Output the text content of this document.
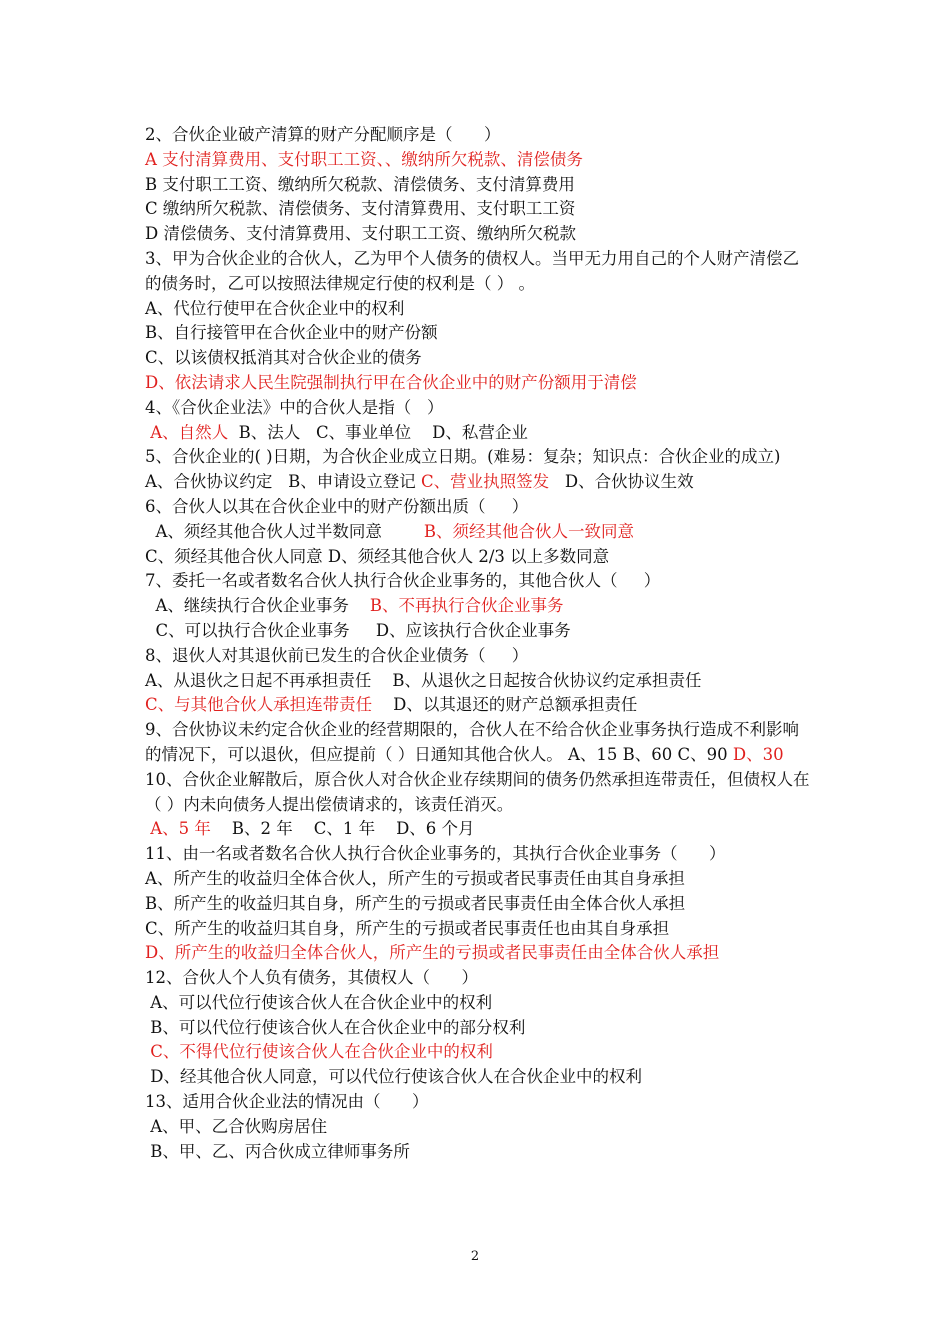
2、合伙企业破产清算的财产分配顺序是（      ）
A 支付清算费用、支付职工工资、、缴纳所欠税款、清偿债务
B 支付职工工资、缴纳所欠税款、清偿债务、支付清算费用
C 缴纳所欠税款、清偿债务、支付清算费用、支付职工工资
D 清偿债务、支付清算费用、支付职工工资、缴纳所欠税款
3、甲为合伙企业的合伙人，乙为甲个人债务的债权人。当甲无力用自己的个人财产清偿乙的债务时，乙可以按照法律规定行使的权利是（ ） 。
A、代位行使甲在合伙企业中的权利
B、自行接管甲在合伙企业中的财产份额
C、以该债权抵消其对合伙企业的债务
D、依法请求人民生院强制执行甲在合伙企业中的财产份额用于清偿
4、《合伙企业法》中的合伙人是指（   ）
A、自然人  B、法人   C、事业单位    D、私营企业
5、合伙企业的( )日期，为合伙企业成立日期。(难易：复杂；知识点：合伙企业的成立)
A、合伙协议约定   B、申请设立登记 C、营业执照签发   D、合伙协议生效
6、合伙人以其在合伙企业中的财产份额出质（     ）
A、须经其他合伙人过半数同意        B、须经其他合伙人一致同意
C、须经其他合伙人同意 D、须经其他合伙人 2/3 以上多数同意
7、委托一名或者数名合伙人执行合伙企业事务的，其他合伙人（     ）
A、继续执行合伙企业事务    B、不再执行合伙企业事务
C、可以执行合伙企业事务     D、应该执行合伙企业事务
8、退伙人对其退伙前已发生的合伙企业债务（     ）
A、从退伙之日起不再承担责任    B、从退伙之日起按合伙协议约定承担责任
C、与其他合伙人承担连带责任    D、以其退还的财产总额承担责任
9、合伙协议未约定合伙企业的经营期限的，合伙人在不给合伙企业事务执行造成不利影响的情况下，可以退伙，但应提前（ ）日通知其他合伙人。 A、15 B、60 C、90 D、30
10、合伙企业解散后，原合伙人对合伙企业存续期间的债务仍然承担连带责任，但债权人在（ ）内未向债务人提出偿债请求的，该责任消灭。
A、5 年    B、2 年    C、1 年    D、6 个月
11、由一名或者数名合伙人执行合伙企业事务的，其执行合伙企业事务（      ）
A、所产生的收益归全体合伙人，所产生的亏损或者民事责任由其自身承担
B、所产生的收益归其自身，所产生的亏损或者民事责任由全体合伙人承担
C、所产生的收益归其自身，所产生的亏损或者民事责任也由其自身承担
D、所产生的收益归全体合伙人，所产生的亏损或者民事责任由全体合伙人承担
12、合伙人个人负有债务，其债权人（      ）
A、可以代位行使该合伙人在合伙企业中的权利
B、可以代位行使该合伙人在合伙企业中的部分权利
C、不得代位行使该合伙人在合伙企业中的权利
D、经其他合伙人同意，可以代位行使该合伙人在合伙企业中的权利
13、适用合伙企业法的情况由（      ）
A、甲、乙合伙购房居住
B、甲、乙、丙合伙成立律师事务所
2
